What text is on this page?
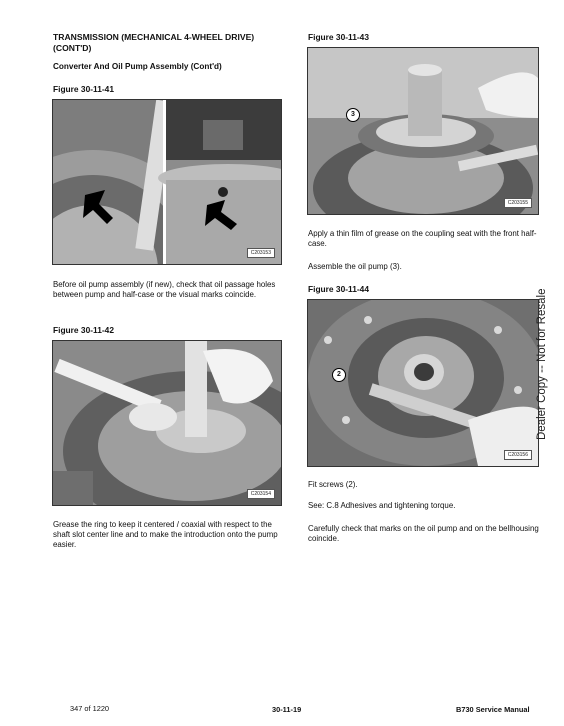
TRANSMISSION (MECHANICAL 4-WHEEL DRIVE) (CONT'D)
Converter And Oil Pump Assembly (Cont'd)
Figure 30-11-41
C203153
Before oil pump assembly (if new), check that oil passage holes between pump and half-case or the visual marks coincide.
Figure 30-11-42
C203154
Grease the ring to keep it centered / coaxial with respect to the shaft slot center line and to make the introduction onto the pump easier.
Figure 30-11-43
3
C203155
Apply a thin film of grease on the coupling seat with the front half-case.
Assemble the oil pump (3).
Figure 30-11-44
2
C203156
Fit screws (2).
See: C.8 Adhesives and tightening torque.
Carefully check that marks on the oil pump and on the bellhousing coincide.
Dealer Copy -- Not for Resale
347 of 1220	30-11-19	B730 Service Manual
